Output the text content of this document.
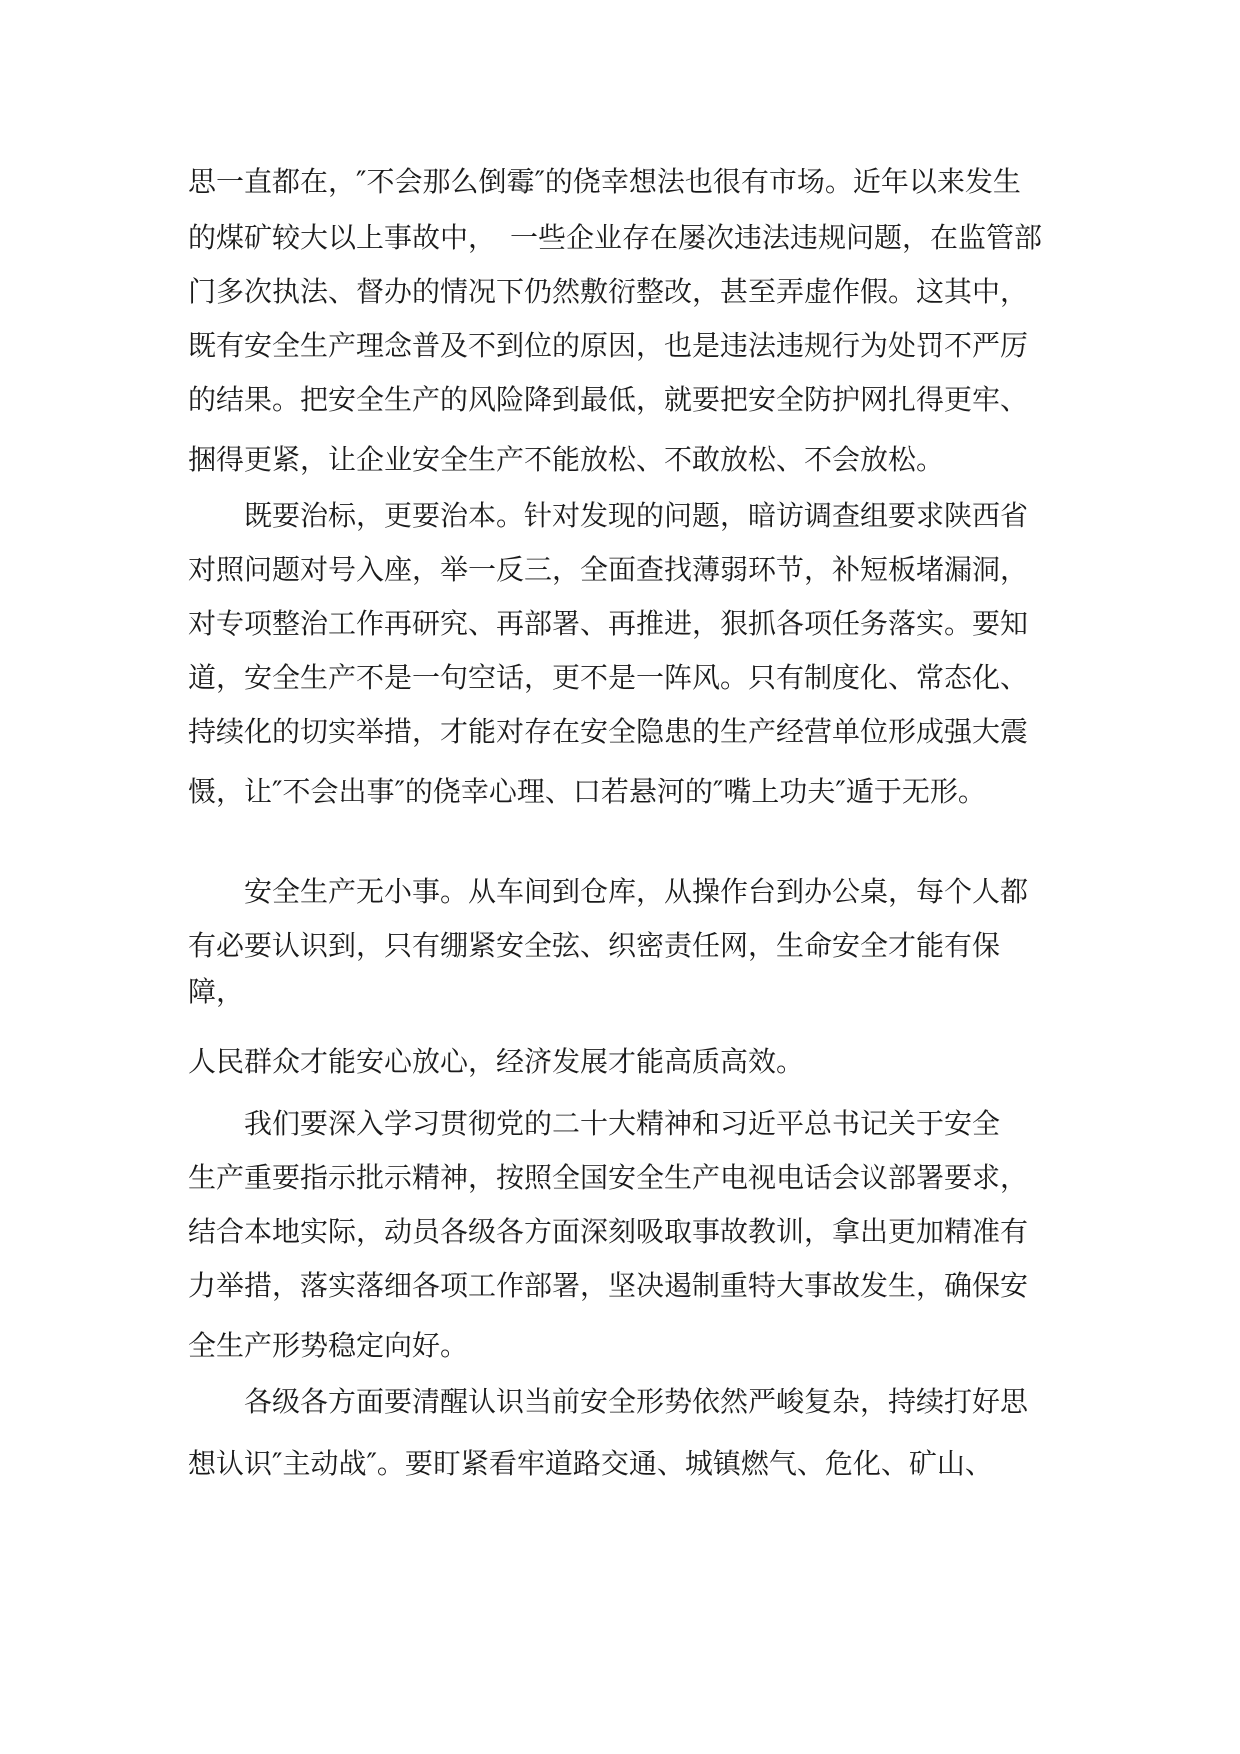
思一直都在，″不会那么倒霉″的侥幸想法也很有市场。近年以来发生
的煤矿较大以上事故中，　一些企业存在屡次违法违规问题，在监管部
门多次执法、督办的情况下仍然敷衍整改，甚至弄虚作假。这其中，
既有安全生产理念普及不到位的原因，也是违法违规行为处罚不严厉
的结果。把安全生产的风险降到最低，就要把安全防护网扎得更牢、
捆得更紧，让企业安全生产不能放松、不敢放松、不会放松。
　　既要治标，更要治本。针对发现的问题，暗访调查组要求陕西省
对照问题对号入座，举一反三，全面查找薄弱环节，补短板堵漏洞，
对专项整治工作再研究、再部署、再推进，狠抓各项任务落实。要知
道，安全生产不是一句空话，更不是一阵风。只有制度化、常态化、
持续化的切实举措，才能对存在安全隐患的生产经营单位形成强大震
慑，让″不会出事″的侥幸心理、口若悬河的″嘴上功夫″遁于无形。
　　安全生产无小事。从车间到仓库，从操作台到办公桌，每个人都
有必要认识到，只有绷紧安全弦、织密责任网，生命安全才能有保
障，
人民群众才能安心放心，经济发展才能高质高效。
　　我们要深入学习贯彻党的二十大精神和习近平总书记关于安全
生产重要指示批示精神，按照全国安全生产电视电话会议部署要求，
结合本地实际，动员各级各方面深刻吸取事故教训，拿出更加精准有
力举措，落实落细各项工作部署，坚决遏制重特大事故发生，确保安
全生产形势稳定向好。
　　各级各方面要清醒认识当前安全形势依然严峻复杂，持续打好思
想认识″主动战″。要盯紧看牢道路交通、城镇燃气、危化、矿山、
